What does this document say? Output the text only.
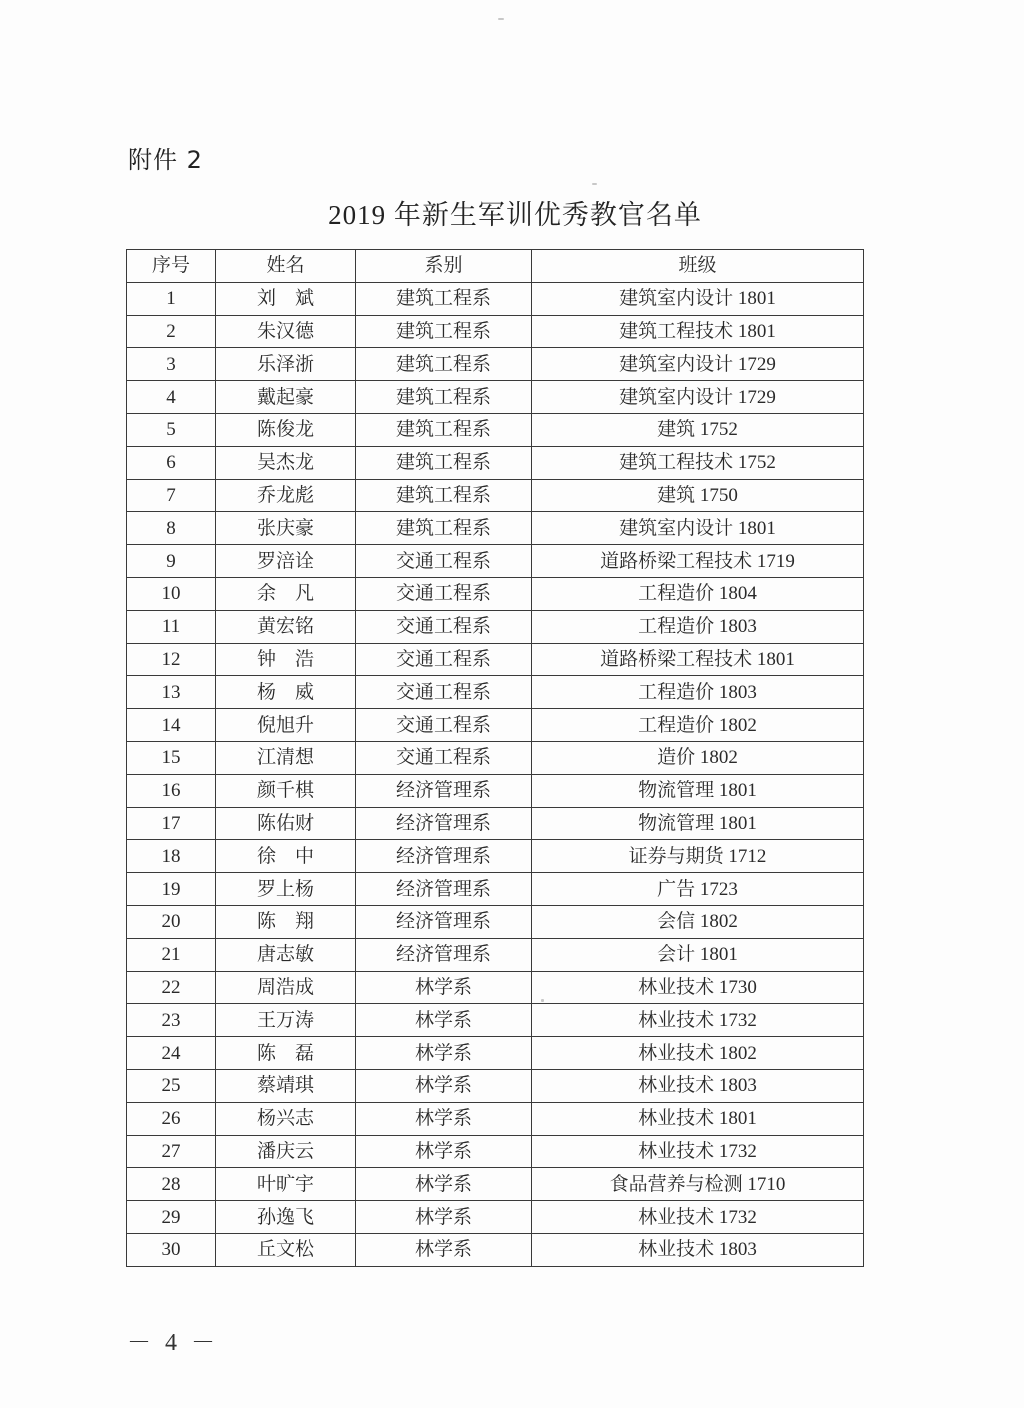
附件 2
2019 年新生军训优秀教官名单
序号	姓名	系别	班级
1	刘　斌	建筑工程系	建筑室内设计 1801
2	朱汉德	建筑工程系	建筑工程技术 1801
3	乐泽浙	建筑工程系	建筑室内设计 1729
4	戴起豪	建筑工程系	建筑室内设计 1729
5	陈俊龙	建筑工程系	建筑 1752
6	吴杰龙	建筑工程系	建筑工程技术 1752
7	乔龙彪	建筑工程系	建筑 1750
8	张庆豪	建筑工程系	建筑室内设计 1801
9	罗涪诠	交通工程系	道路桥梁工程技术 1719
10	余　凡	交通工程系	工程造价 1804
11	黄宏铭	交通工程系	工程造价 1803
12	钟　浩	交通工程系	道路桥梁工程技术 1801
13	杨　威	交通工程系	工程造价 1803
14	倪旭升	交通工程系	工程造价 1802
15	江清想	交通工程系	造价 1802
16	颜千棋	经济管理系	物流管理 1801
17	陈佑财	经济管理系	物流管理 1801
18	徐　中	经济管理系	证券与期货 1712
19	罗上杨	经济管理系	广告 1723
20	陈　翔	经济管理系	会信 1802
21	唐志敏	经济管理系	会计 1801
22	周浩成	林学系	林业技术 1730
23	王万涛	林学系	林业技术 1732
24	陈　磊	林学系	林业技术 1802
25	蔡靖琪	林学系	林业技术 1803
26	杨兴志	林学系	林业技术 1801
27	潘庆云	林学系	林业技术 1732
28	叶旷宇	林学系	食品营养与检测 1710
29	孙逸飞	林学系	林业技术 1732
30	丘文松	林学系	林业技术 1803
－ 4 －
